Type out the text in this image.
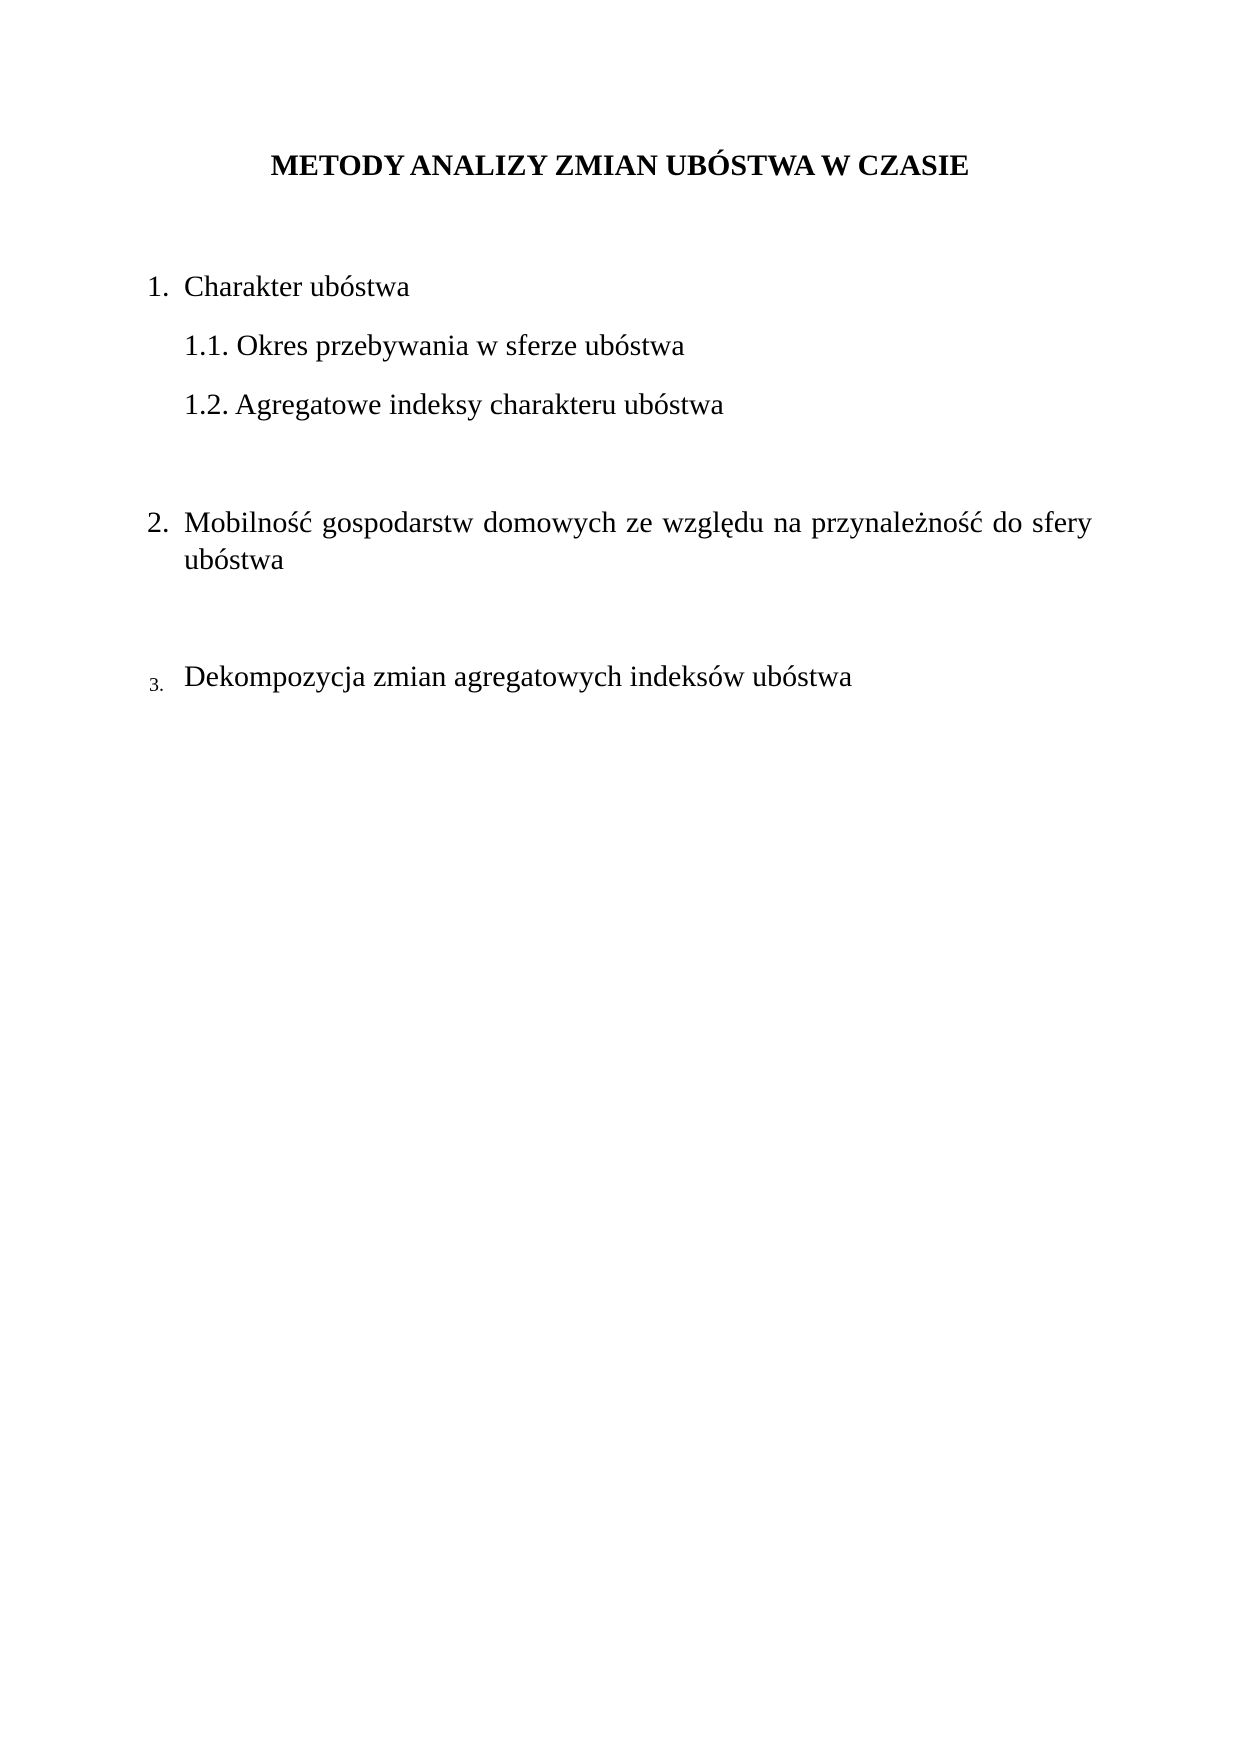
METODY ANALIZY ZMIAN UBÓSTWA W CZASIE
1. Charakter ubóstwa
1.1. Okres przebywania w sferze ubóstwa
1.2. Agregatowe indeksy charakteru ubóstwa
2. Mobilność gospodarstw domowych ze względu na przynależność do sfery ubóstwa
3. Dekompozycja zmian agregatowych indeksów ubóstwa
